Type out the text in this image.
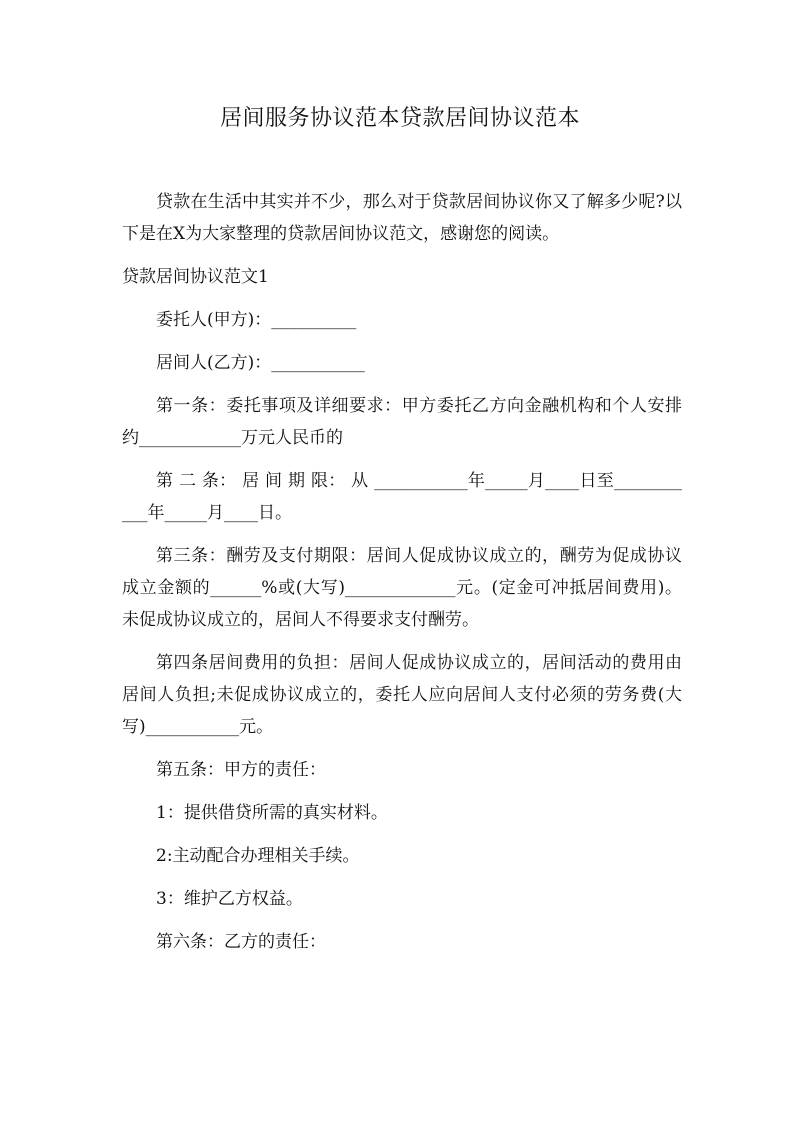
居间服务协议范本贷款居间协议范本

贷款在生活中其实并不少，那么对于贷款居间协议你又了解多少呢?以下是在X为大家整理的贷款居间协议范文，感谢您的阅读。

贷款居间协议范文1

委托人(甲方)：__________

居间人(乙方)：___________

第一条：委托事项及详细要求：甲方委托乙方向金融机构和个人安排约____________万元人民币的

第 二 条： 居 间 期 限： 从 ___________年_____月____日至___________年_____月____日。

第三条：酬劳及支付期限：居间人促成协议成立的，酬劳为促成协议成立金额的______%或(大写)_____________元。(定金可冲抵居间费用)。未促成协议成立的，居间人不得要求支付酬劳。

第四条居间费用的负担：居间人促成协议成立的，居间活动的费用由居间人负担;未促成协议成立的，委托人应向居间人支付必须的劳务费(大写)___________元。

第五条：甲方的责任：

1：提供借贷所需的真实材料。

2:主动配合办理相关手续。

3：维护乙方权益。

第六条：乙方的责任：
